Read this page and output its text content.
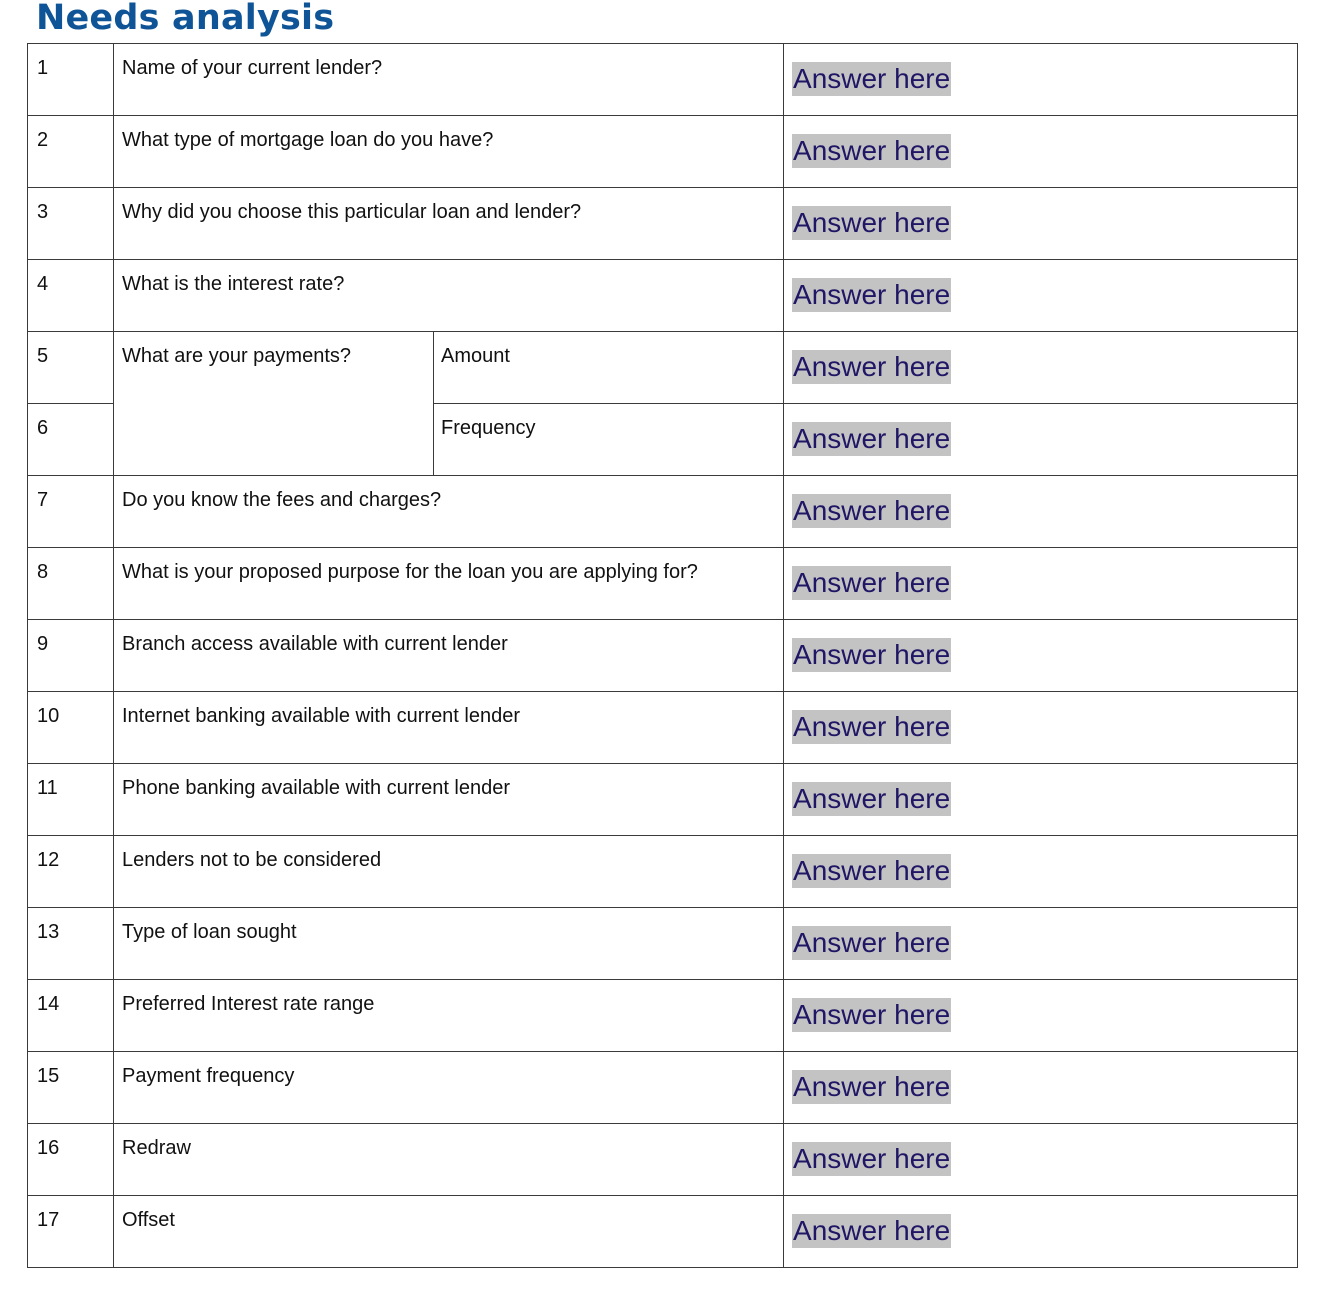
Needs analysis
1	Name of your current lender?		Answer here
2	What type of mortgage loan do you have?		Answer here
3	Why did you choose this particular loan and lender?		Answer here
4	What is the interest rate?		Answer here
5	What are your payments?	Amount	Answer here
6		Frequency	Answer here
7	Do you know the fees and charges?		Answer here
8	What is your proposed purpose for the loan you are applying for?		Answer here
9	Branch access available with current lender		Answer here
10	Internet banking available with current lender		Answer here
11	Phone banking available with current lender		Answer here
12	Lenders not to be considered		Answer here
13	Type of loan sought		Answer here
14	Preferred Interest rate range		Answer here
15	Payment frequency		Answer here
16	Redraw		Answer here
17	Offset		Answer here
